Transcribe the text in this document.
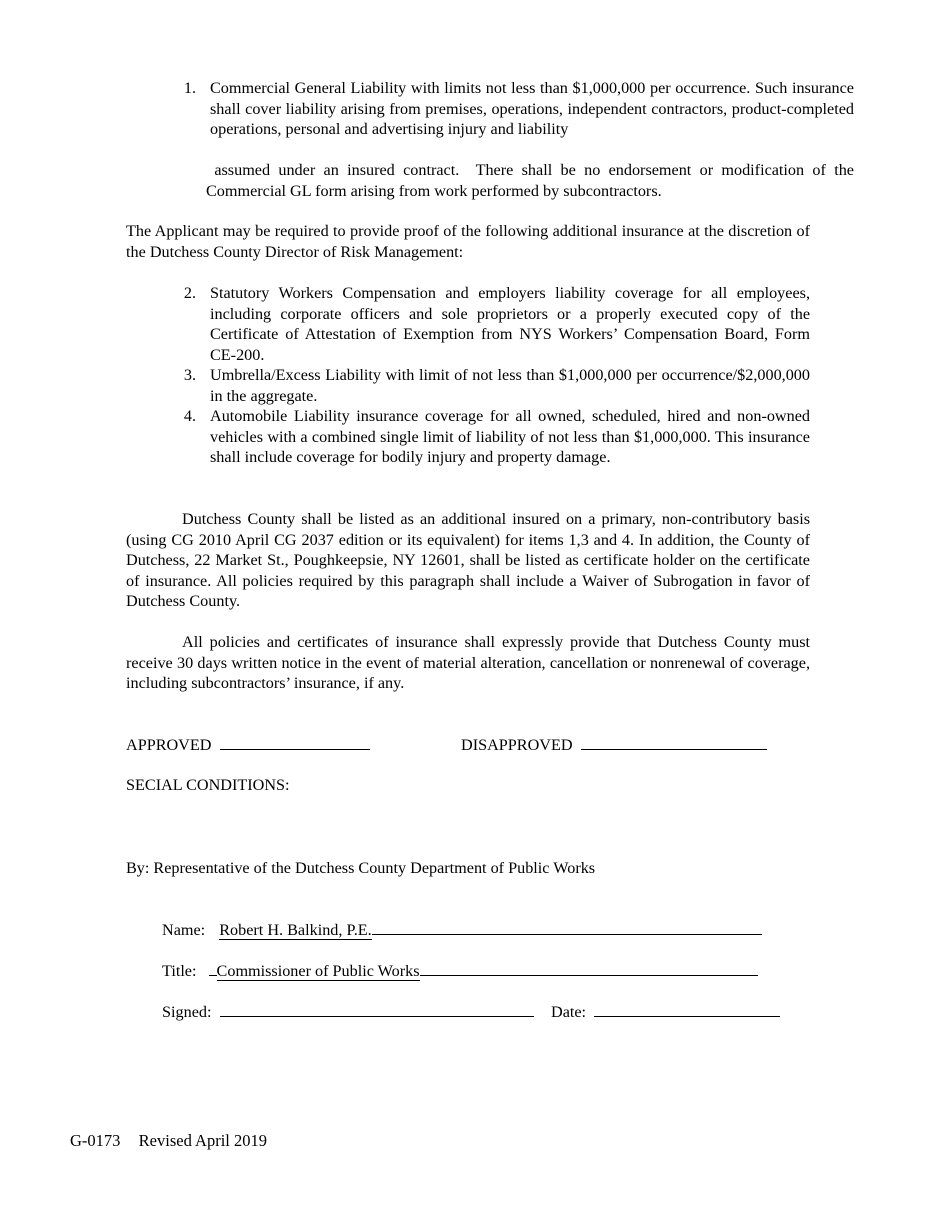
1. Commercial General Liability with limits not less than $1,000,000 per occurrence. Such insurance shall cover liability arising from premises, operations, independent contractors, product-completed operations, personal and advertising injury and liability
assumed under an insured contract.  There shall be no endorsement or modification of the Commercial GL form arising from work performed by subcontractors.
The Applicant may be required to provide proof of the following additional insurance at the discretion of the Dutchess County Director of Risk Management:
2. Statutory Workers Compensation and employers liability coverage for all employees, including corporate officers and sole proprietors or a properly executed copy of the Certificate of Attestation of Exemption from NYS Workers’ Compensation Board, Form CE-200.
3. Umbrella/Excess Liability with limit of not less than $1,000,000 per occurrence/$2,000,000 in the aggregate.
4. Automobile Liability insurance coverage for all owned, scheduled, hired and non-owned vehicles with a combined single limit of liability of not less than $1,000,000. This insurance shall include coverage for bodily injury and property damage.
Dutchess County shall be listed as an additional insured on a primary, non-contributory basis (using CG 2010 April CG 2037 edition or its equivalent) for items 1,3 and 4. In addition, the County of Dutchess, 22 Market St., Poughkeepsie, NY 12601, shall be listed as certificate holder on the certificate of insurance. All policies required by this paragraph shall include a Waiver of Subrogation in favor of Dutchess County.
All policies and certificates of insurance shall expressly provide that Dutchess County must receive 30 days written notice in the event of material alteration, cancellation or nonrenewal of coverage, including subcontractors’ insurance, if any.
APPROVED	DISAPPROVED
SECIAL CONDITIONS:
By: Representative of the Dutchess County Department of Public Works
Name: Robert H. Balkind, P.E.
Title: Commissioner of Public Works
Signed:	Date:
G-0173 Revised April 2019
